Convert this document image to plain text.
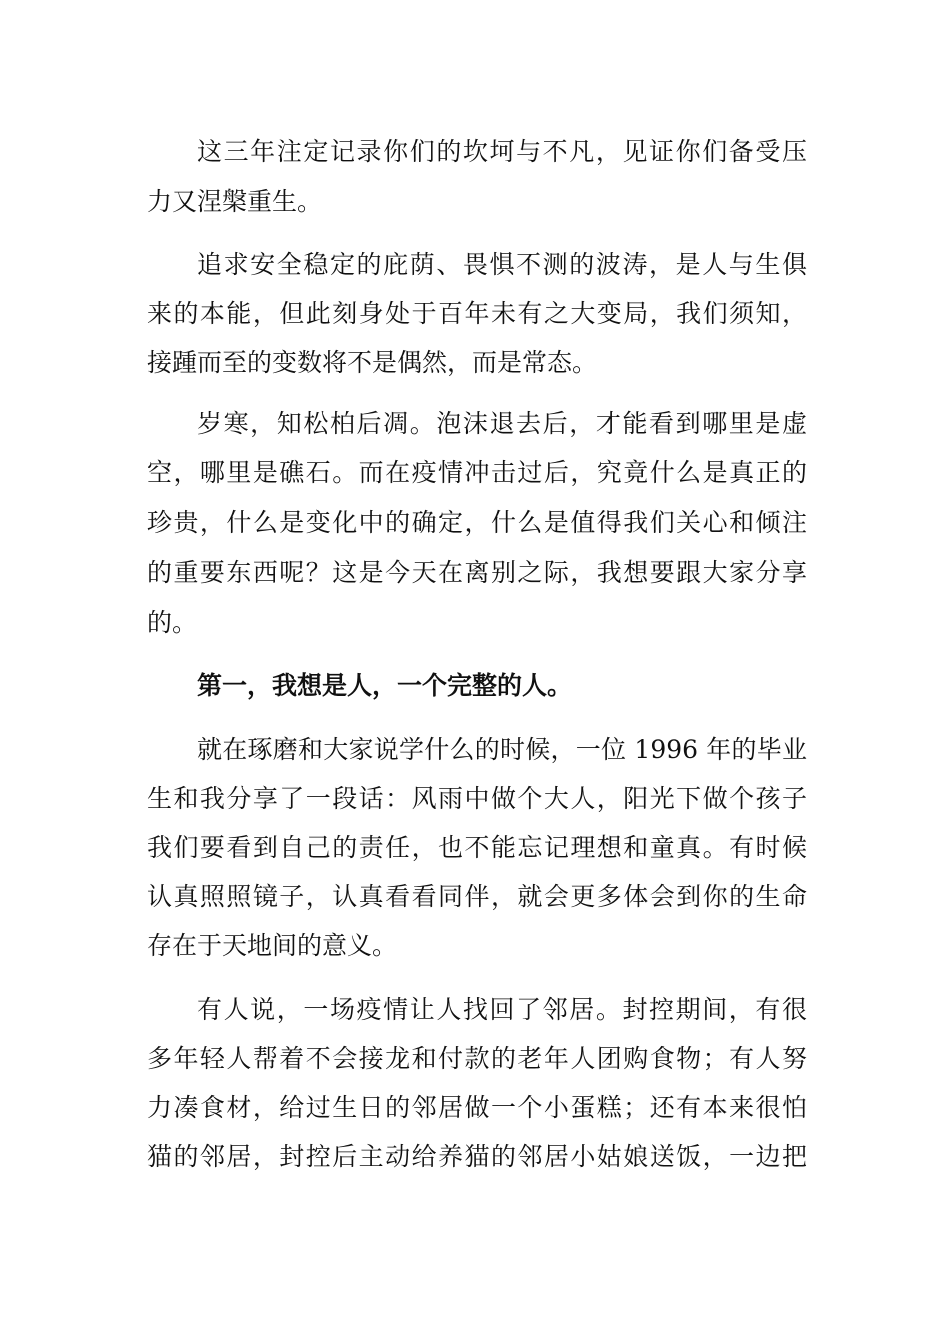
这三年注定记录你们的坎坷与不凡，见证你们备受压
力又涅槃重生。
追求安全稳定的庇荫、畏惧不测的波涛，是人与生俱
来的本能，但此刻身处于百年未有之大变局，我们须知，
接踵而至的变数将不是偶然，而是常态。
岁寒，知松柏后凋。泡沫退去后，才能看到哪里是虚
空，哪里是礁石。而在疫情冲击过后，究竟什么是真正的
珍贵，什么是变化中的确定，什么是值得我们关心和倾注
的重要东西呢？这是今天在离别之际，我想要跟大家分享
的。
第一，我想是人，一个完整的人。
就在琢磨和大家说学什么的时候，一位 1996 年的毕业
生和我分享了一段话：风雨中做个大人，阳光下做个孩子
我们要看到自己的责任，也不能忘记理想和童真。有时候
认真照照镜子，认真看看同伴，就会更多体会到你的生命
存在于天地间的意义。
有人说，一场疫情让人找回了邻居。封控期间，有很
多年轻人帮着不会接龙和付款的老年人团购食物；有人努
力凑食材，给过生日的邻居做一个小蛋糕；还有本来很怕
猫的邻居，封控后主动给养猫的邻居小姑娘送饭，一边把
